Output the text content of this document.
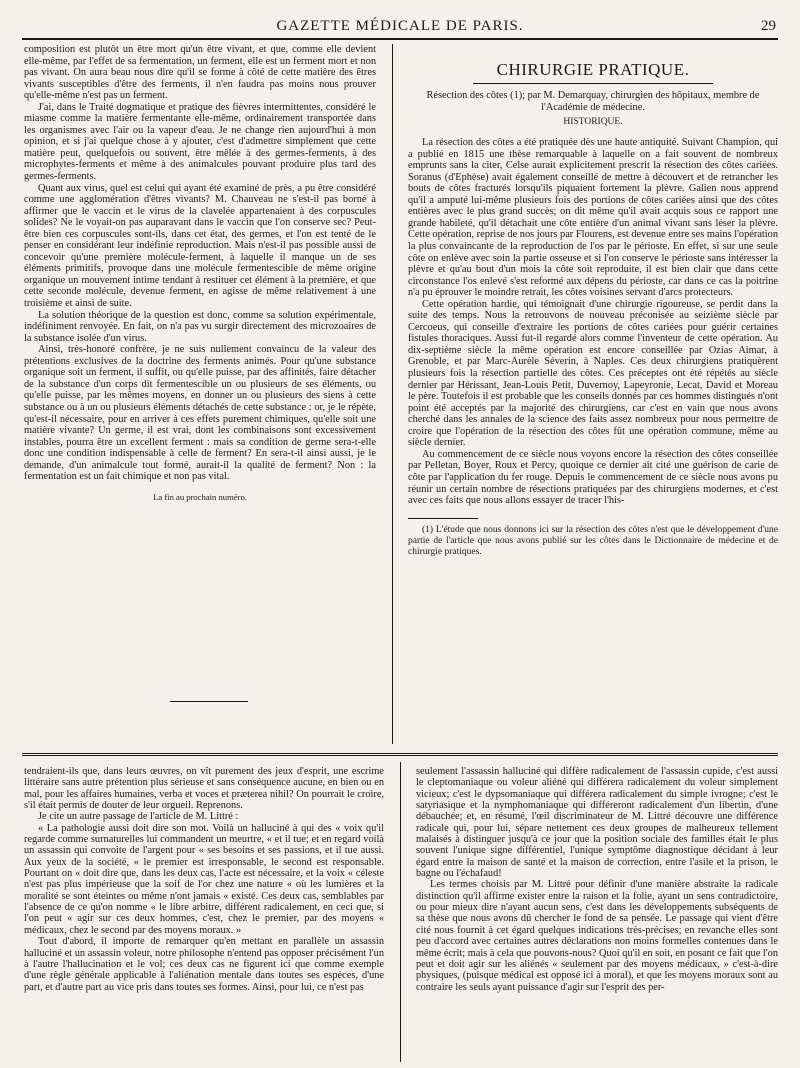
GAZETTE MÉDICALE DE PARIS.	29

composition est plutôt un être mort qu'un être vivant, et que, comme elle devient elle-même, par l'effet de sa fermentation, un ferment, elle est un ferment mort et non pas vivant. On aura beau nous dire qu'il se forme à côté de cette matière des êtres vivants susceptibles d'être des ferments, il n'en faudra pas moins nous prouver qu'elle-même n'est pas un ferment.

J'ai, dans le Traité dogmatique et pratique des fièvres intermittentes, considéré le miasme comme la matière fermentante elle-même, ordinairement transportée dans les organismes avec l'air ou la vapeur d'eau. Je ne change rien aujourd'hui à mon opinion, et si j'ai quelque chose à y ajouter, c'est d'admettre simplement que cette matière peut, quelquefois ou souvent, être mêlée à des germes-ferments, à des microphytes-ferments et même à des animalcules pouvant produire plus tard des germes-ferments.

Quant aux virus, quel est celui qui ayant été examiné de près, a pu être considéré comme une agglomération d'êtres vivants? M. Chauveau ne s'est-il pas borné à affirmer que le vaccin et le virus de la clavelée appartenaient à des corpuscules solides? Ne le voyait-on pas auparavant dans le vaccin que l'on conserve sec? Peut-être bien ces corpuscules sont-ils, dans cet état, des germes, et l'on est tenté de le penser en considérant leur indéfinie reproduction. Mais n'est-il pas possible aussi de concevoir qu'une première molécule-ferment, à laquelle il manque un de ses éléments primitifs, provoque dans une molécule fermentescible de même origine organique un mouvement intime tendant à restituer cet élément à la première, et que cette seconde molécule, devenue ferment, en agisse de même relativement à une troisième et ainsi de suite.

La solution théorique de la question est donc, comme sa solution expérimentale, indéfiniment renvoyée. En fait, on n'a pas vu surgir directement des microzoaires de la substance isolée d'un virus.

Ainsi, très-honoré confrère, je ne suis nullement convaincu de la valeur des prétentions exclusives de la doctrine des ferments animés. Pour qu'une substance organique soit un ferment, il suffit, ou qu'elle puisse, par des affinités, faire détacher de la substance d'un corps dit fermentescible un ou plusieurs de ses éléments, ou qu'elle puisse, par les mêmes moyens, en donner un ou plusieurs des siens à cette substance ou à un ou plusieurs éléments détachés de cette substance : or, je le répète, qu'est-il nécessaire, pour en arriver à ces effets purement chimiques, qu'elle soit une matière vivante? Un germe, il est vrai, dont les combinaisons sont excessivement instables, pourra être un excellent ferment : mais sa condition de germe sera-t-elle donc une condition indispensable à celle de ferment? En sera-t-il ainsi aussi, je le demande, d'un animalcule tout formé, aurait-il la qualité de ferment? Non : la fermentation est un fait chimique et non pas vital.

La fin au prochain numéro.
CHIRURGIE PRATIQUE.
Résection des côtes (1); par M. Demarquay, chirurgien des hôpitaux, membre de l'Académie de médecine.
HISTORIQUE.

La résection des côtes a été pratiquée dès une haute antiquité. Suivant Champion, qui a publié en 1815 une thèse remarquable à laquelle on a fait souvent de nombreux emprunts sans la citer, Celse aurait explicitement prescrit la résection des côtes cariées. Soranus (d'Ephèse) avait également conseillé de mettre à découvert et de retrancher les bouts de côtes fracturés lorsqu'ils piquaient fortement la plèvre. Galien nous apprend qu'il a amputé lui-même plusieurs fois des portions de côtes cariées ainsi que des côtes entières avec le plus grand succès; on dit même qu'il avait acquis sous ce rapport une grande habileté, qu'il détachait une côte entière d'un animal vivant sans léser la plèvre. Cette opération, reprise de nos jours par Flourens, est devenue entre ses mains l'opération la plus convaincante de la reproduction de l'os par le périoste. En effet, si sur une seule côte on enlève avec soin la partie osseuse et si l'on conserve le périoste sans intéresser la plèvre et qu'au bout d'un mois la côte soit reproduite, il est bien clair que dans cette circonstance l'os enlevé s'est reformé aux dépens du périoste, car dans ce cas la poitrine n'a pu éprouver le moindre retrait, les côtes voisines servant d'arcs protecteurs.

Cette opération hardie, qui témoignait d'une chirurgie rigoureuse, se perdit dans la suite des temps. Nous la retrouvons de nouveau préconisée au seizième siècle par Cercoeus, qui conseille d'extraire les portions de côtes cariées pour guérir certaines fistules thoraciques. Aussi fut-il regardé alors comme l'inventeur de cette opération. Au dix-septième siècle la même opération est encore conseillée par Ozias Aimar, à Grenoble, et par Marc-Aurèle Séverin, à Naples. Ces deux chirurgiens pratiquèrent plusieurs fois la résection partielle des côtes. Ces préceptes ont été répétés au siècle dernier par Hérissant, Jean-Louis Petit, Duvernoy, Lapeyronie, Lecat, David et Moreau le père. Toutefois il est probable que les conseils donnés par ces hommes distingués n'ont point été acceptés par la majorité des chirurgiens, car c'est en vain que nous avons cherché dans les annales de la science des faits assez nombreux pour nous permettre de croire que l'opération de la résection des côtes fût une opération commune, même au siècle dernier.

Au commencement de ce siècle nous voyons encore la résection des côtes conseillée par Pelletan, Boyer, Roux et Percy, quoique ce dernier ait cité une guérison de carie de côte par l'application du fer rouge. Depuis le commencement de ce siècle nous avons pu réunir un certain nombre de résections pratiquées par des chirurgiens modernes, et c'est avec ces faits que nous allons essayer de tracer l'his-

(1) L'étude que nous donnons ici sur la résection des côtes n'est que le développement d'une partie de l'article que nous avons publié sur les côtes dans le Dictionnaire de médecine et de chirurgie pratiques.

tendraient-ils que, dans leurs œuvres, on vît purement des jeux d'esprit, une escrime littéraire sans autre prétention plus sérieuse et sans conséquence aucune, en bien ou en mal, pour les affaires humaines, verba et voces et præterea nihil? On pourrait le croire, s'il était permis de douter de leur orgueil. Reprenons.

Je cite un autre passage de l'article de M. Littré :

« La pathologie aussi doit dire son mot. Voilà un halluciné à qui des « voix qu'il regarde comme surnaturelles lui commandent un meurtre, « et il tue; et en regard voilà un assassin qui convoite de l'argent pour « ses besoins et ses passions, et il tue aussi. Aux yeux de la société, « le premier est irresponsable, le second est responsable. Pourtant on « doit dire que, dans les deux cas, l'acte est nécessaire, et la voix « céleste n'est pas plus impérieuse que la soif de l'or chez une nature « où les lumières et la moralité se sont éteintes ou même n'ont jamais « existé. Ces deux cas, semblables par l'absence de ce qu'on nomme « le libre arbitre, différent radicalement, en ceci que, si l'on peut « agir sur ces deux hommes, c'est, chez le premier, par des moyens « médicaux, chez le second par des moyens moraux. »

Tout d'abord, il importe de remarquer qu'en mettant en parallèle un assassin halluciné et un assassin voleur, notre philosophe n'entend pas opposer précisément l'un à l'autre l'hallucination et le vol; ces deux cas ne figurent ici que comme exemple d'une règle générale applicable à l'aliénation mentale dans toutes ses espèces, d'une part, et d'autre part au vice pris dans toutes ses formes. Ainsi, pour lui, ce n'est pas

seulement l'assassin halluciné qui diffère radicalement de l'assassin cupide, c'est aussi le cleptomaniaque ou voleur aliéné qui différera radicalement du voleur simplement vicieux; c'est le dypsomaniaque qui différera radicalement du simple ivrogne; c'est le satyriasique et la nymphomaniaque qui différeront radicalement d'un libertin, d'une débauchée; et, en résumé, l'œil discriminateur de M. Littré découvre une différence radicale qui, pour lui, sépare nettement ces deux groupes de malheureux tellement malaisés à distinguer jusqu'à ce jour que la position sociale des familles était le plus souvent l'unique signe différentiel, l'unique symptôme diagnostique décidant à leur égard entre la maison de santé et la maison de correction, entre l'asile et la prison, le bagne ou l'échafaud!

Les termes choisis par M. Littré pour définir d'une manière abstraite la radicale distinction qu'il affirme exister entre la raison et la folie, ayant un sens contradictoire, ou pour mieux dire n'ayant aucun sens, c'est dans les développements subséquents de sa thèse que nous avons dû chercher le fond de sa pensée. Le passage qui vient d'être cité nous fournit à cet égard quelques indications très-précises; en revanche elles sont peu d'accord avec certaines autres déclarations non moins formelles contenues dans le même écrit; mais à cela que pouvons-nous? Quoi qu'il en soit, en posant ce fait que l'on peut et doit agir sur les aliénés « seulement par des moyens médicaux, » c'est-à-dire physiques, (puisque médical est opposé ici à moral), et que les moyens moraux sont au contraire les seuls ayant puissance d'agir sur l'esprit des per-
